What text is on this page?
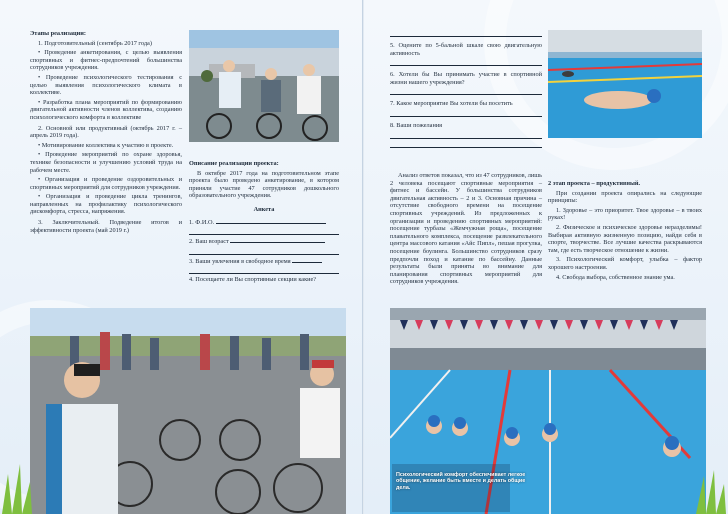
Этапы реализации:

1. Подготовительный (сентябрь 2017 года)

• Проведение анкетирования, с целью выявления спортивных и фитнес-предпочтений большинства сотрудников учреждения.

• Проведение психологического тестирования с целью выявления психологического климата в коллективе.

• Разработка плана мероприятий по формированию двигательной активности членов коллектива, созданию психологического комфорта в коллективе

2. Основной или продуктивный (октябрь 2017 г. – апрель 2019 года).

• Мотивирование коллектива к участию в проекте.

• Проведение мероприятий по охране здоровья, технике безопасности и улучшению условий труда на рабочем месте.

• Организация и проведение оздоровительных и спортивных мероприятий для сотрудников учреждения.

• Организация и проведение цикла тренингов, направленных на профилактику психологического дискомфорта, стресса, напряжения.

3. Заключительный. Подведение итогов и эффективности проекта (май 2019 г.)

Описание реализации проекта:

В октябре 2017 года на подготовительном этапе проекта было проведено анкетирование, в котором приняли участие 47 сотрудников дошкольного образовательного учреждения.

Анкета

1. Ф.И.О.

2. Ваш возраст

3. Ваши увлечения в свободное время

4. Посещаете ли Вы спортивные секции какие?

5. Оцените по 5-бальной шкале свою двигательную активность

6. Хотели бы Вы принимать участие в спортивной жизни нашего учреждения?

7. Какое мероприятие Вы хотели бы посетить

8. Ваши пожелания

Анализ ответов показал, что из 47 сотрудников, лишь 2 человека посещают спортивные мероприятия – фитнес и бассейн. У большинства сотрудников двигательная активность – 2 и 3. Основная причина – отсутствие свободного времени на посещение спортивных учреждений. Из предложенных к организации и проведению спортивных мероприятий: посещение турбазы «Жемчужная роща», посещение плавательного комплекса, посещение развлекательного центра массового катания «Айс Пипл», пешая прогулка, посещение боулинга. Большинство сотрудников сразу предпочли поход и катание по бассейну. Данные результаты были приняты во внимание для планирования спортивных мероприятий для сотрудников учреждения.

2 этап проекта – продуктивный.

При создании проекта опирались на следующие принципы:

1. Здоровье – это приоритет. Твое здоровье – в твоих руках!

2. Физическое и психическое здоровье неразделимы! Выбирая активную жизненную позицию, найди себя в спорте, творчестве. Все лучшие качества раскрываются там, где есть творческое отношение к жизни.

3. Психологический комфорт, улыбка – фактор хорошего настроения.

4. Свобода выбора, собственное знание ума.

Психологический комфорт обеспечивает легкое общение, желание быть вместе и делать общие дела.
